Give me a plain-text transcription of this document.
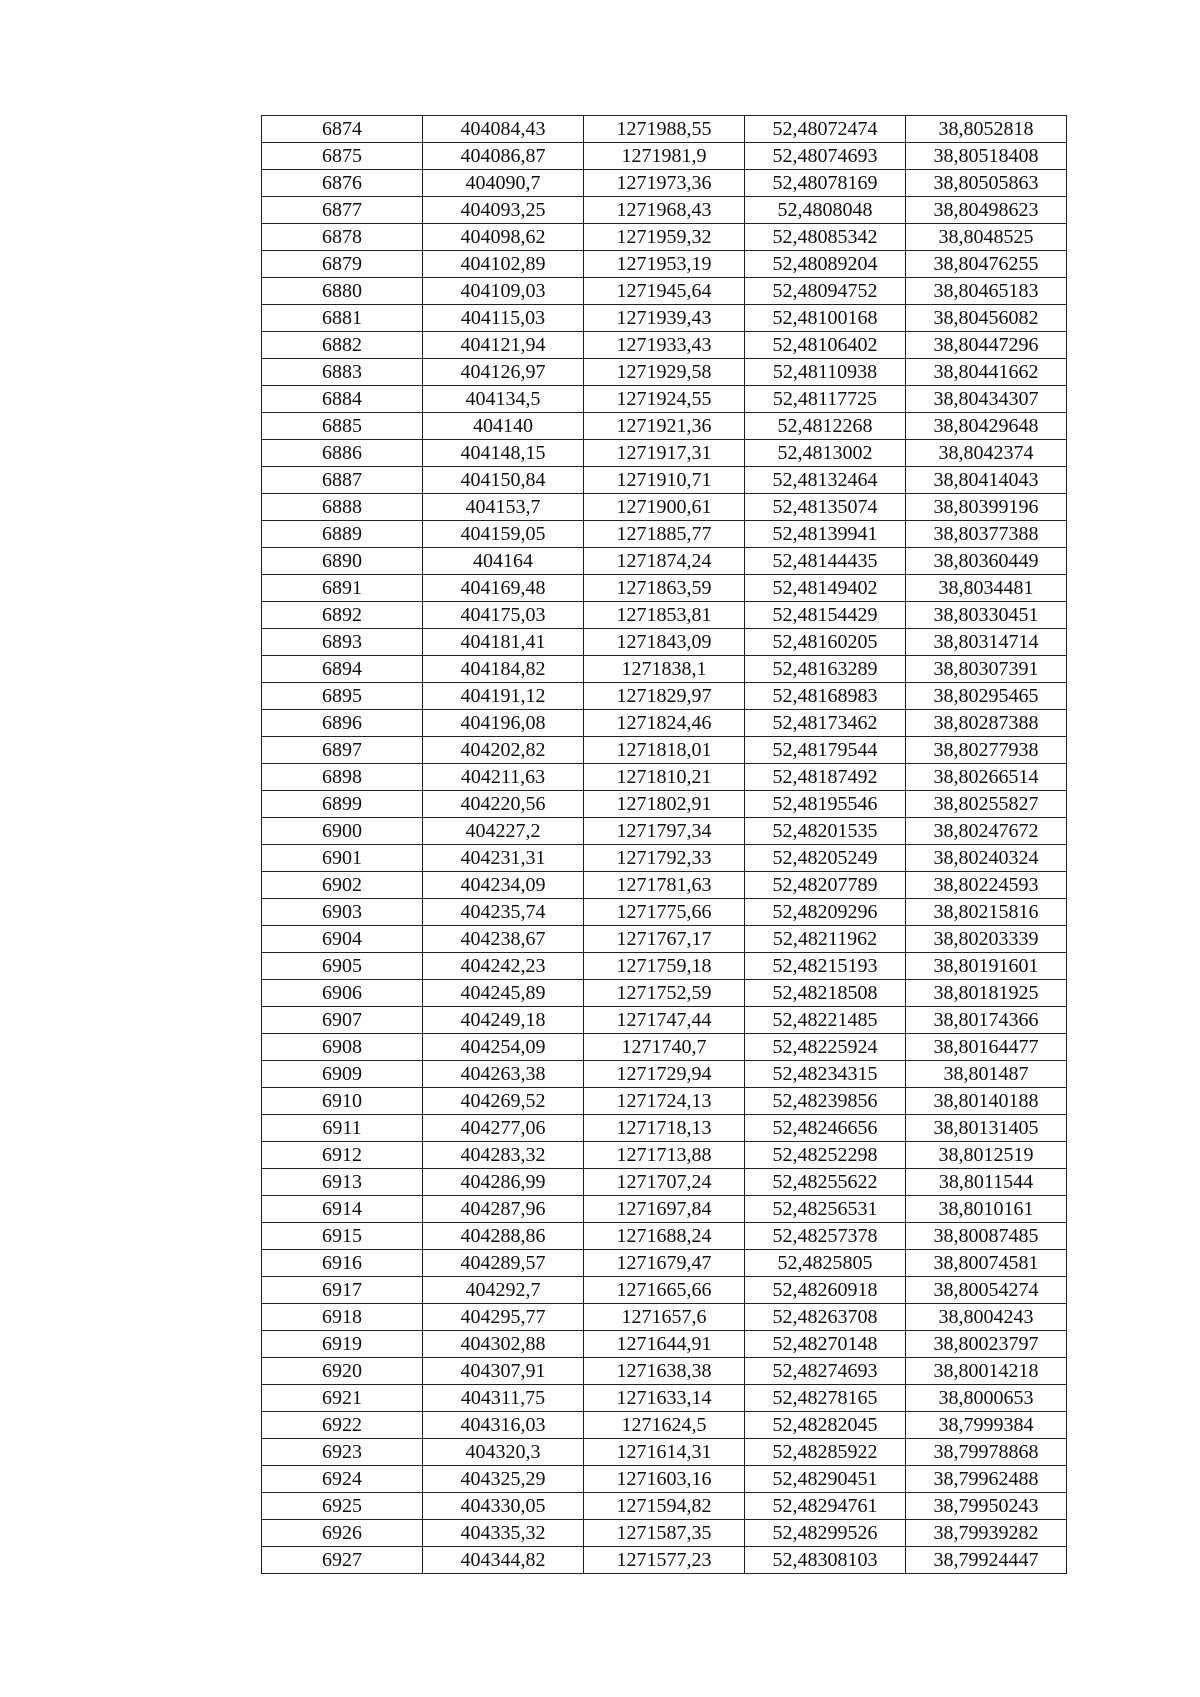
6874	404084,43	1271988,55	52,48072474	38,8052818
6875	404086,87	1271981,9	52,48074693	38,80518408
6876	404090,7	1271973,36	52,48078169	38,80505863
6877	404093,25	1271968,43	52,4808048	38,80498623
6878	404098,62	1271959,32	52,48085342	38,8048525
6879	404102,89	1271953,19	52,48089204	38,80476255
6880	404109,03	1271945,64	52,48094752	38,80465183
6881	404115,03	1271939,43	52,48100168	38,80456082
6882	404121,94	1271933,43	52,48106402	38,80447296
6883	404126,97	1271929,58	52,48110938	38,80441662
6884	404134,5	1271924,55	52,48117725	38,80434307
6885	404140	1271921,36	52,4812268	38,80429648
6886	404148,15	1271917,31	52,4813002	38,8042374
6887	404150,84	1271910,71	52,48132464	38,80414043
6888	404153,7	1271900,61	52,48135074	38,80399196
6889	404159,05	1271885,77	52,48139941	38,80377388
6890	404164	1271874,24	52,48144435	38,80360449
6891	404169,48	1271863,59	52,48149402	38,8034481
6892	404175,03	1271853,81	52,48154429	38,80330451
6893	404181,41	1271843,09	52,48160205	38,80314714
6894	404184,82	1271838,1	52,48163289	38,80307391
6895	404191,12	1271829,97	52,48168983	38,80295465
6896	404196,08	1271824,46	52,48173462	38,80287388
6897	404202,82	1271818,01	52,48179544	38,80277938
6898	404211,63	1271810,21	52,48187492	38,80266514
6899	404220,56	1271802,91	52,48195546	38,80255827
6900	404227,2	1271797,34	52,48201535	38,80247672
6901	404231,31	1271792,33	52,48205249	38,80240324
6902	404234,09	1271781,63	52,48207789	38,80224593
6903	404235,74	1271775,66	52,48209296	38,80215816
6904	404238,67	1271767,17	52,48211962	38,80203339
6905	404242,23	1271759,18	52,48215193	38,80191601
6906	404245,89	1271752,59	52,48218508	38,80181925
6907	404249,18	1271747,44	52,48221485	38,80174366
6908	404254,09	1271740,7	52,48225924	38,80164477
6909	404263,38	1271729,94	52,48234315	38,801487
6910	404269,52	1271724,13	52,48239856	38,80140188
6911	404277,06	1271718,13	52,48246656	38,80131405
6912	404283,32	1271713,88	52,48252298	38,8012519
6913	404286,99	1271707,24	52,48255622	38,8011544
6914	404287,96	1271697,84	52,48256531	38,8010161
6915	404288,86	1271688,24	52,48257378	38,80087485
6916	404289,57	1271679,47	52,4825805	38,80074581
6917	404292,7	1271665,66	52,48260918	38,80054274
6918	404295,77	1271657,6	52,48263708	38,8004243
6919	404302,88	1271644,91	52,48270148	38,80023797
6920	404307,91	1271638,38	52,48274693	38,80014218
6921	404311,75	1271633,14	52,48278165	38,8000653
6922	404316,03	1271624,5	52,48282045	38,7999384
6923	404320,3	1271614,31	52,48285922	38,79978868
6924	404325,29	1271603,16	52,48290451	38,79962488
6925	404330,05	1271594,82	52,48294761	38,79950243
6926	404335,32	1271587,35	52,48299526	38,79939282
6927	404344,82	1271577,23	52,48308103	38,79924447
